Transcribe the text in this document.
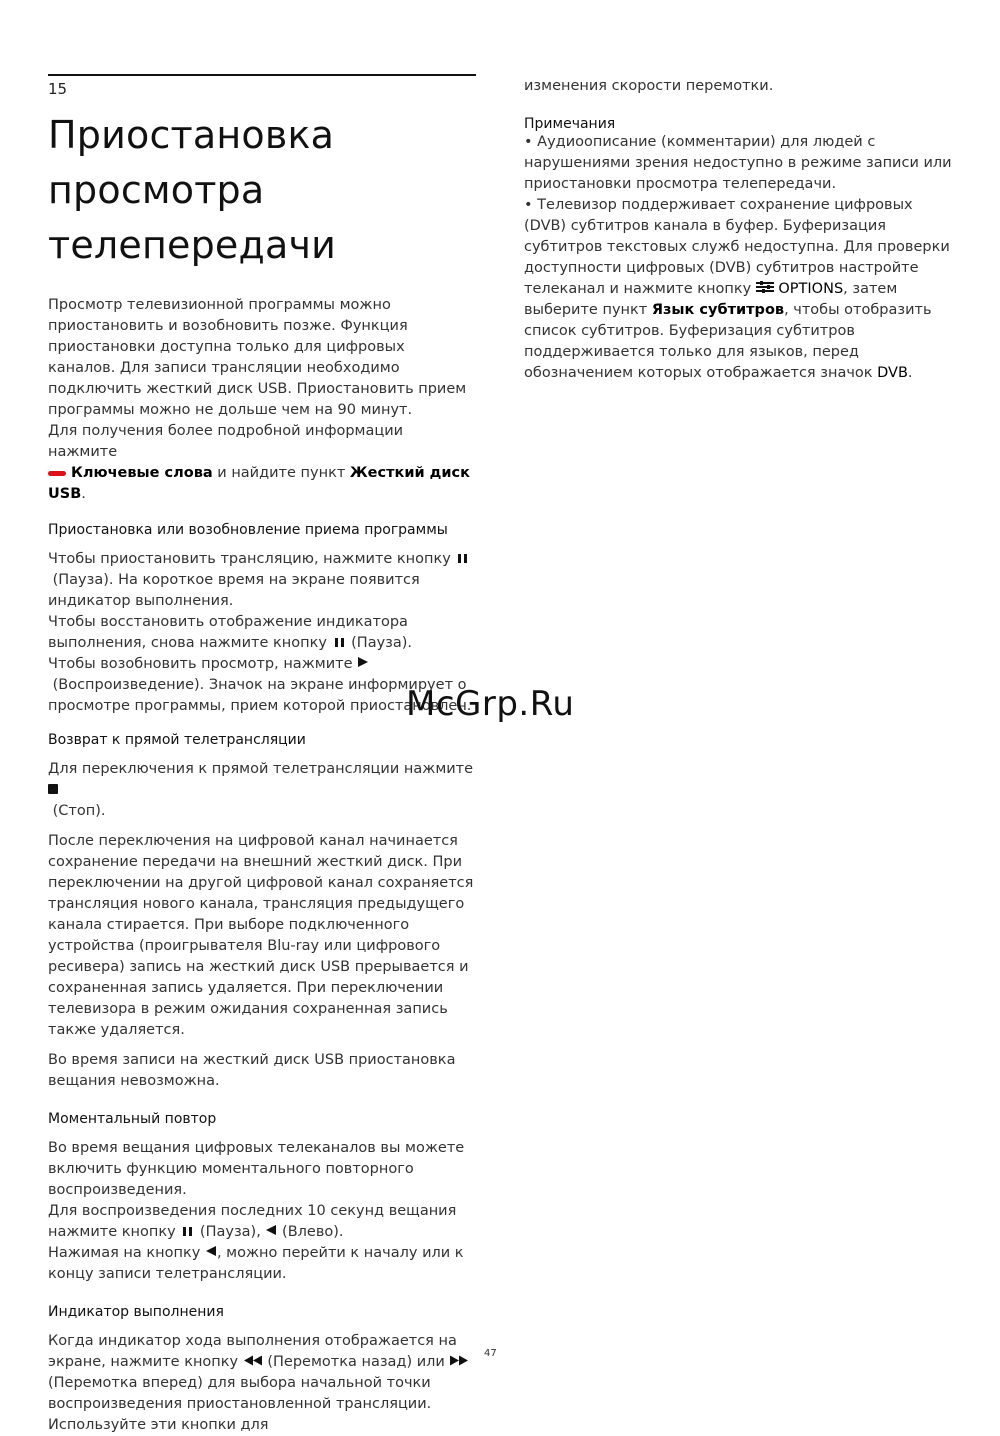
15
Приостановка
просмотра
телепередачи

Просмотр телевизионной программы можно приостановить и возобновить позже. Функция приостановки доступна только для цифровых каналов. Для записи трансляции необходимо подключить жесткий диск USB. Приостановить прием программы можно не дольше чем на 90 минут.
Для получения более подробной информации нажмите
Ключевые слова и найдите пункт Жесткий диск USB.

Приостановка или возобновление приема программы

Чтобы приостановить трансляцию, нажмите кнопку
(Пауза). На короткое время на экране появится индикатор выполнения.
Чтобы восстановить отображение индикатора выполнения, снова нажмите кнопку (Пауза).
Чтобы возобновить просмотр, нажмите
(Воспроизведение). Значок на экране информирует о просмотре программы, прием которой приостановлен.

Возврат к прямой телетрансляции

Для переключения к прямой телетрансляции нажмите
(Стоп).

После переключения на цифровой канал начинается сохранение передачи на внешний жесткий диск. При переключении на другой цифровой канал сохраняется трансляция нового канала, трансляция предыдущего канала стирается. При выборе подключенного устройства (проигрывателя Blu-ray или цифрового ресивера) запись на жесткий диск USB прерывается и сохраненная запись удаляется. При переключении телевизора в режим ожидания сохраненная запись также удаляется.

Во время записи на жесткий диск USB приостановка вещания невозможна.

Моментальный повтор

Во время вещания цифровых телеканалов вы можете включить функцию моментального повторного воспроизведения.
Для воспроизведения последних 10 секунд вещания нажмите кнопку (Пауза), (Влево).
Нажимая на кнопку , можно перейти к началу или к концу записи телетрансляции.

Индикатор выполнения

Когда индикатор хода выполнения отображается на экране, нажмите кнопку (Перемотка назад) или  (Перемотка вперед) для выбора начальной точки воспроизведения приостановленной трансляции. Используйте эти кнопки для

изменения скорости перемотки.

Примечания

• Аудиоописание (комментарии) для людей с нарушениями зрения недоступно в режиме записи или приостановки просмотра телепередачи.

• Телевизор поддерживает сохранение цифровых (DVB) субтитров канала в буфер. Буферизация субтитров текстовых служб недоступна. Для проверки доступности цифровых (DVB) субтитров настройте телеканал и нажмите кнопку OPTIONS, затем выберите пункт Язык субтитров, чтобы отобразить список субтитров. Буферизация субтитров поддерживается только для языков, перед обозначением которых отображается значок DVB.

McGrp.Ru
47
